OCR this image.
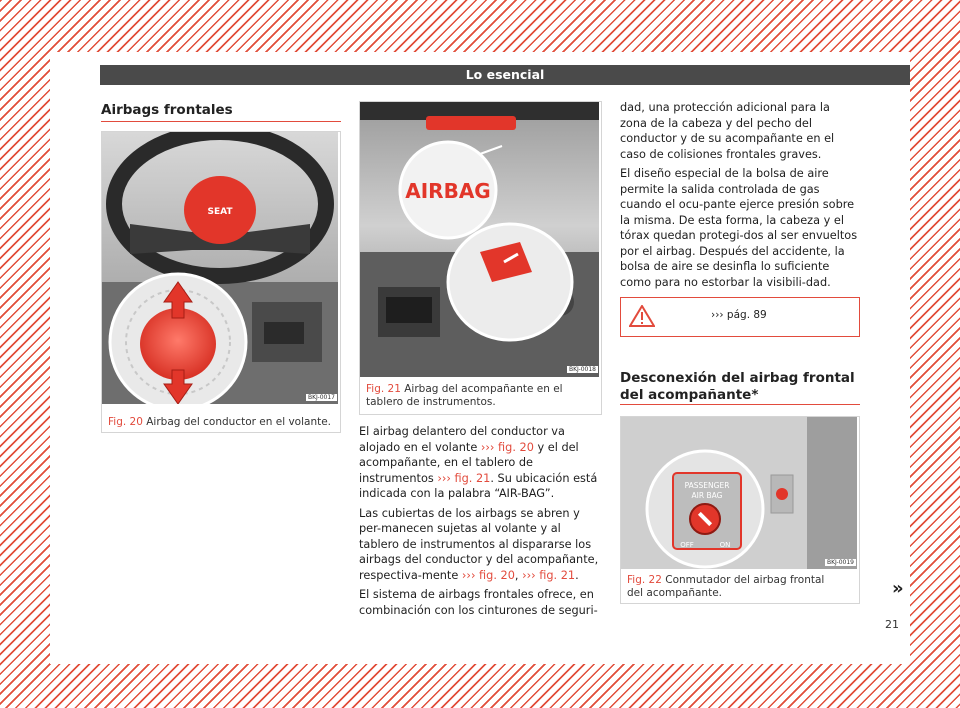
Lo esencial
Airbags frontales
SEAT
BKJ-0017
Fig. 20 Airbag del conductor en el volante.
AIRBAG
BKJ-0018
Fig. 21 Airbag del acompañante en el tablero de instrumentos.

El airbag delantero del conductor va alojado en el volante ››› fig. 20 y el del acompañante, en el tablero de instrumentos ››› fig. 21. Su ubicación está indicada con la palabra “AIR-BAG”.

Las cubiertas de los airbags se abren y per-manecen sujetas al volante y al tablero de instrumentos al dispararse los airbags del conductor y del acompañante, respectiva-mente ››› fig. 20, ››› fig. 21.

El sistema de airbags frontales ofrece, en combinación con los cinturones de seguri-

dad, una protección adicional para la zona de la cabeza y del pecho del conductor y de su acompañante en el caso de colisiones frontales graves.

El diseño especial de la bolsa de aire permite la salida controlada de gas cuando el ocu-pante ejerce presión sobre la misma. De esta forma, la cabeza y el tórax quedan protegi-dos al ser envueltos por el airbag. Después del accidente, la bolsa de aire se desinfla lo suficiente como para no estorbar la visibili-dad.

››› pág. 89
Desconexión del airbag frontal
del acompañante*
PASSENGER
AIR BAG
OFF	ON
BKJ-0019
Fig. 22 Conmutador del airbag frontal del acompañante.	»
21
